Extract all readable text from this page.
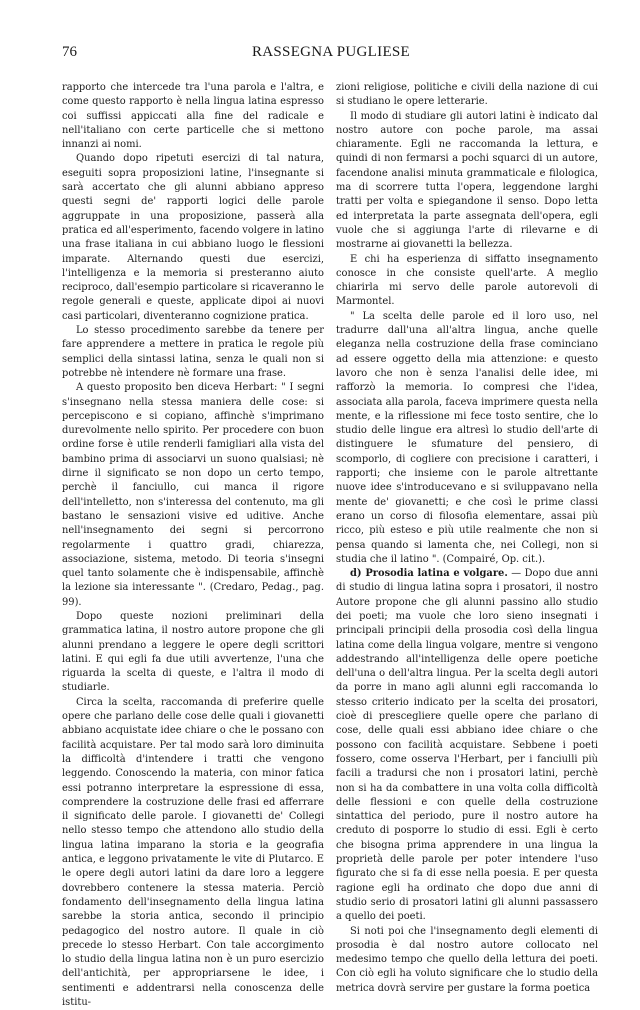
76	RASSEGNA PUGLIESE

rapporto che intercede tra l'una parola e l'altra, e come questo rapporto è nella lingua latina espresso coi suffissi appiccati alla fine del radicale e nell'italiano con certe particelle che si mettono innanzi ai nomi.

Quando dopo ripetuti esercizi di tal natura, eseguiti sopra proposizioni latine, l'insegnante si sarà accertato che gli alunni abbiano appreso questi segni de' rapporti logici delle parole aggruppate in una proposizione, passerà alla pratica ed all'esperimento, facendo volgere in latino una frase italiana in cui abbiano luogo le flessioni imparate. Alternando questi due esercizi, l'intelligenza e la memoria si presteranno aiuto reciproco, dall'esempio particolare si ricaveranno le regole generali e queste, applicate dipoi ai nuovi casi particolari, diventeranno cognizione pratica.

Lo stesso procedimento sarebbe da tenere per fare apprendere a mettere in pratica le regole più semplici della sintassi latina, senza le quali non si potrebbe nè intendere nè formare una frase.

A questo proposito ben diceva Herbart: " I segni s'insegnano nella stessa maniera delle cose: si percepiscono e si copiano, affinchè s'imprimano durevolmente nello spirito. Per procedere con buon ordine forse è utile renderli famigliari alla vista del bambino prima di associarvi un suono qualsiasi; nè dirne il significato se non dopo un certo tempo, perchè il fanciullo, cui manca il rigore dell'intelletto, non s'interessa del contenuto, ma gli bastano le sensazioni visive ed uditive. Anche nell'insegnamento dei segni si percorrono regolarmente i quattro gradi, chiarezza, associazione, sistema, metodo. Di teoria s'insegni quel tanto solamente che è indispensabile, affinchè la lezione sia interessante ". (Credaro, Pedag., pag. 99).

Dopo queste nozioni preliminari della grammatica latina, il nostro autore propone che gli alunni prendano a leggere le opere degli scrittori latini. E qui egli fa due utili avvertenze, l'una che riguarda la scelta di queste, e l'altra il modo di studiarle.

Circa la scelta, raccomanda di preferire quelle opere che parlano delle cose delle quali i giovanetti abbiano acquistate idee chiare o che le possano con facilità acquistare. Per tal modo sarà loro diminuita la difficoltà d'intendere i tratti che vengono leggendo. Conoscendo la materia, con minor fatica essi potranno interpretare la espressione di essa, comprendere la costruzione delle frasi ed afferrare il significato delle parole. I giovanetti de' Collegi nello stesso tempo che attendono allo studio della lingua latina imparano la storia e la geografia antica, e leggono privatamente le vite di Plutarco. E le opere degli autori latini da dare loro a leggere dovrebbero contenere la stessa materia. Perciò fondamento dell'insegnamento della lingua latina sarebbe la storia antica, secondo il principio pedagogico del nostro autore. Il quale in ciò precede lo stesso Herbart. Con tale accorgimento lo studio della lingua latina non è un puro esercizio dell'antichità, per appropriarsene le idee, i sentimenti e addentrarsi nella conoscenza delle istitu-

zioni religiose, politiche e civili della nazione di cui si studiano le opere letterarie.

Il modo di studiare gli autori latini è indicato dal nostro autore con poche parole, ma assai chiaramente. Egli ne raccomanda la lettura, e quindi di non fermarsi a pochi squarci di un autore, facendone analisi minuta grammaticale e filologica, ma di scorrere tutta l'opera, leggendone larghi tratti per volta e spiegandone il senso. Dopo letta ed interpretata la parte assegnata dell'opera, egli vuole che si aggiunga l'arte di rilevarne e di mostrarne ai giovanetti la bellezza.

E chi ha esperienza di siffatto insegnamento conosce in che consiste quell'arte. A meglio chiarirla mi servo delle parole autorevoli di Marmontel.

" La scelta delle parole ed il loro uso, nel tradurre dall'una all'altra lingua, anche quelle eleganza nella costruzione della frase cominciano ad essere oggetto della mia attenzione: e questo lavoro che non è senza l'analisi delle idee, mi rafforzò la memoria. Io compresi che l'idea, associata alla parola, faceva imprimere questa nella mente, e la riflessione mi fece tosto sentire, che lo studio delle lingue era altresì lo studio dell'arte di distinguere le sfumature del pensiero, di scomporlo, di cogliere con precisione i caratteri, i rapporti; che insieme con le parole altrettante nuove idee s'introducevano e si sviluppavano nella mente de' giovanetti; e che così le prime classi erano un corso di filosofia elementare, assai più ricco, più esteso e più utile realmente che non si pensa quando si lamenta che, nei Collegi, non si studia che il latino ". (Compairé, Op. cit.).

d) Prosodia latina e volgare. — Dopo due anni di studio di lingua latina sopra i prosatori, il nostro Autore propone che gli alunni passino allo studio dei poeti; ma vuole che loro sieno insegnati i principali principii della prosodia così della lingua latina come della lingua volgare, mentre si vengono addestrando all'intelligenza delle opere poetiche dell'una o dell'altra lingua. Per la scelta degli autori da porre in mano agli alunni egli raccomanda lo stesso criterio indicato per la scelta dei prosatori, cioè di prescegliere quelle opere che parlano di cose, delle quali essi abbiano idee chiare o che possono con facilità acquistare. Sebbene i poeti fossero, come osserva l'Herbart, per i fanciulli più facili a tradursi che non i prosatori latini, perchè non si ha da combattere in una volta colla difficoltà delle flessioni e con quelle della costruzione sintattica del periodo, pure il nostro autore ha creduto di posporre lo studio di essi. Egli è certo che bisogna prima apprendere in una lingua la proprietà delle parole per poter intendere l'uso figurato che si fa di esse nella poesia. E per questa ragione egli ha ordinato che dopo due anni di studio serio di prosatori latini gli alunni passassero a quello dei poeti.

Si noti poi che l'insegnamento degli elementi di prosodia è dal nostro autore collocato nel medesimo tempo che quello della lettura dei poeti. Con ciò egli ha voluto significare che lo studio della metrica dovrà servire per gustare la forma poetica
